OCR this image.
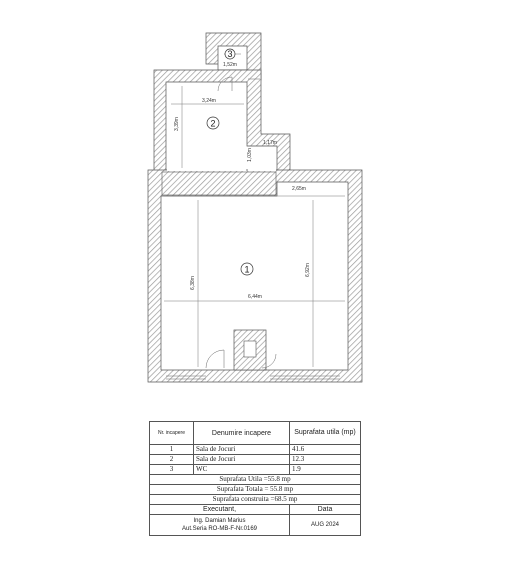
3
2
1
1,52m
3,24m
3,39m
1,03m
1,17m
2,65m
6,44m
6,38m
6,92m
Nr. incapere	Denumire incapere	Suprafata utila (mp)
1	Sala de Jocuri	41.6
2	Sala de Jocuri	12.3
3	WC	1.9
Suprafata Utila =55.8 mp		
Suprafata Totala = 55.8 mp		
Suprafata construita =68.5 mp		
Executant,		Data

Ing. Damian Marius
Aut.Seria RO-MB-F-Nr.0169		AUG 2024
